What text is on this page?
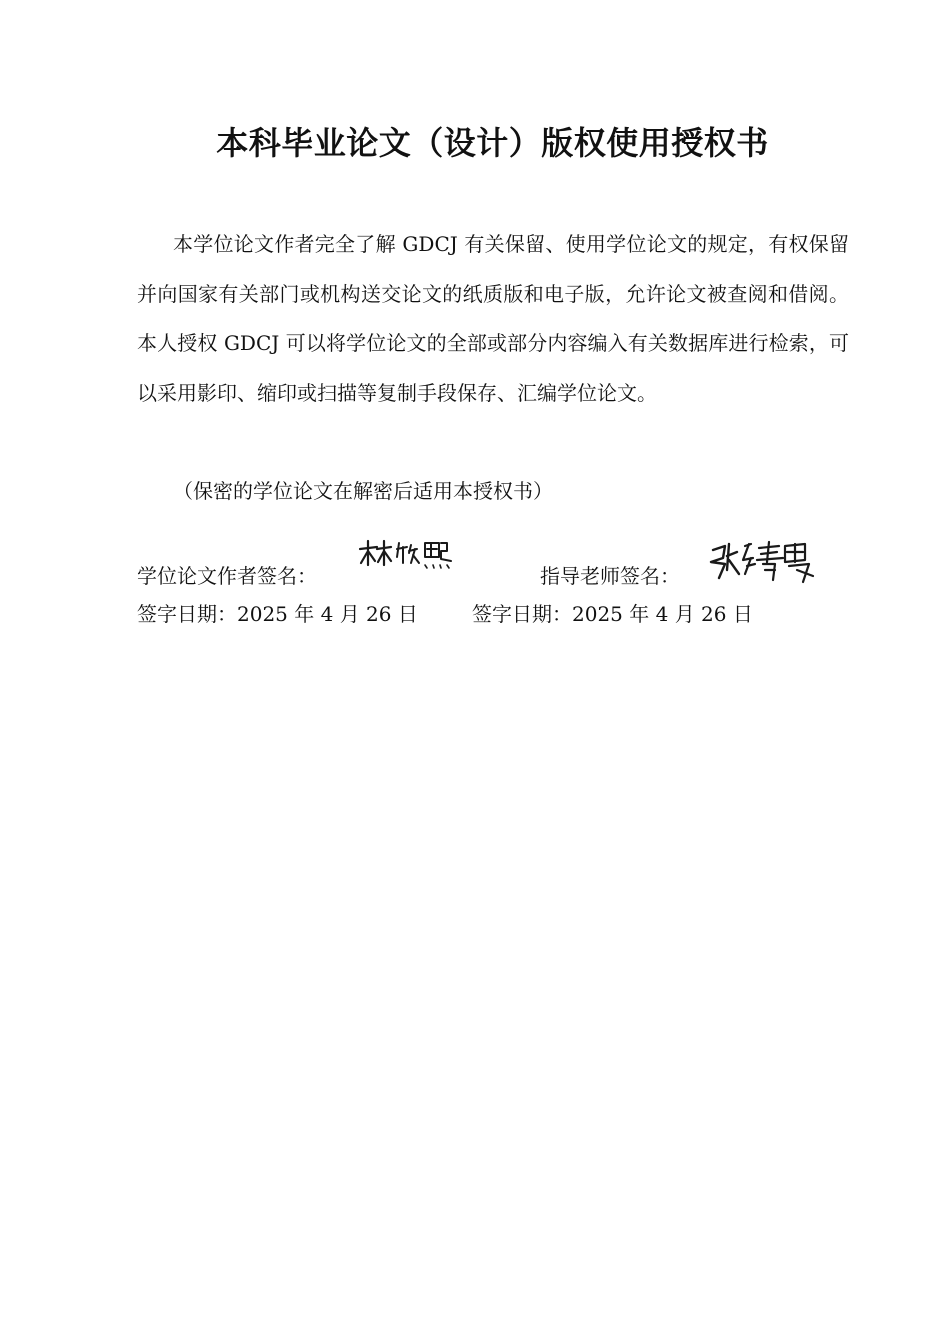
本科毕业论文（设计）版权使用授权书

本学位论文作者完全了解 GDCJ 有关保留、使用学位论文的规定，有权保留并向国家有关部门或机构送交论文的纸质版和电子版，允许论文被查阅和借阅。本人授权 GDCJ 可以将学位论文的全部或部分内容编入有关数据库进行检索，可以采用影印、缩印或扫描等复制手段保存、汇编学位论文。

（保密的学位论文在解密后适用本授权书）

学位论文作者签名：	指导老师签名：
签字日期：2025 年 4 月 26 日	签字日期：2025 年 4 月 26 日
